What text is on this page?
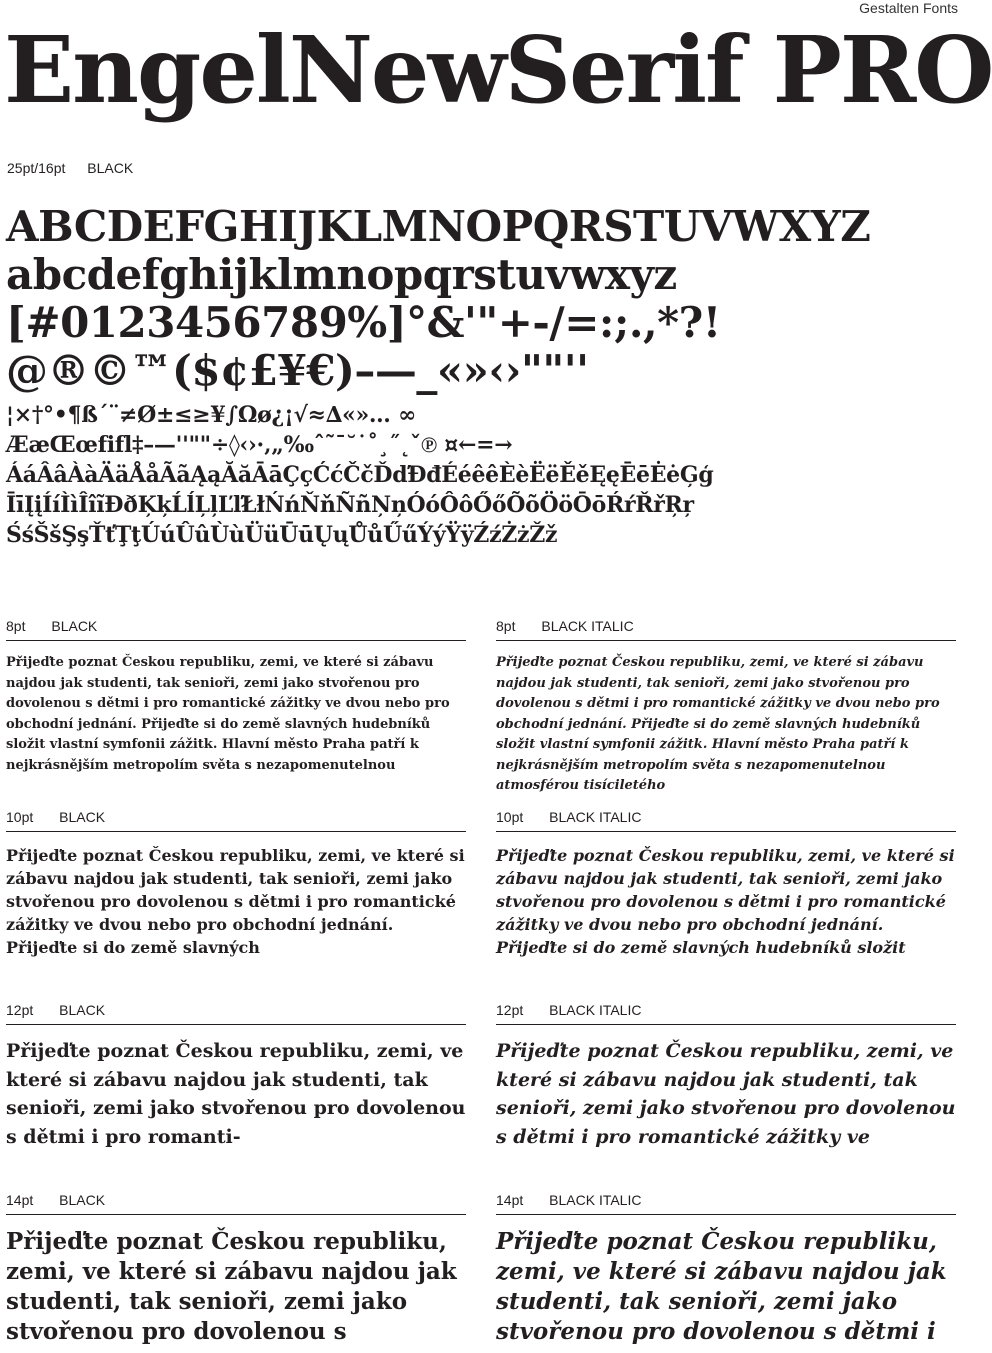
Gestalten Fonts
EngelNewSerif PRO
25pt/16pt BLACK
ABCDEFGHIJKLMNOPQRSTUVWXYZ
abcdefghijklmnopqrstuvwxyz
[#0123456789%]°&'"+-/=:;.,*?!
@®©™($¢£¥€)–—_«»‹›""''
¦×†°•¶ß´¨≠Ø±≤≥¥∫Ωø¿¡√≈∆«»… ∞
ÆæŒœfifl‡–—''""÷◊‹›·‚„‰ˆ˜¯˘˙˚¸˝˛ˇ℗ ¤←=→
ÁáÂâÀàÄäÅåÃãĄąĂăĀāÇçĆćČčĎďĐđÉéêêÈèËëĚěĘęĒēĖėĢģ
ĪīĮįÍíÌìÎîĩĐðĶķĹĺĻļĽľŁłŃńŇňÑñŅņÓóÔôŐőÕõÖöŌōŔŕŘřŖŗ
ŚśŠšŞşŤťŢţÚúÛûÙùÜüŪūŲųŮůŰűÝýŸÿŹźŻżŽž
8pt BLACK
Přijeďte poznat Českou republiku, zemi, ve které si zábavu najdou jak studenti, tak senioři, zemi jako stvořenou pro dovolenou s dětmi i pro romantické zážitky ve dvou nebo pro obchodní jednání. Přijeďte si do země slavných hudebníků složit vlastní symfonii zážitk. Hlavní město Praha patří k nejkrásnějším metropolím světa s nezapomenutelnou
8pt BLACK ITALIC
Přijeďte poznat Českou republiku, zemi, ve které si zábavu najdou jak studenti, tak senioři, zemi jako stvořenou pro dovolenou s dětmi i pro romantické zážitky ve dvou nebo pro obchodní jednání. Přijeďte si do země slavných hudebníků složit vlastní symfonii zážitk. Hlavní město Praha patří k nejkrásnějším metropolím světa s nezapomenutelnou atmosférou tisíciletého
10pt BLACK
Přijeďte poznat Českou republiku, zemi, ve které si zábavu najdou jak studenti, tak senioři, zemi jako stvořenou pro dovolenou s dětmi i pro romantické zážitky ve dvou nebo pro obchodní jednání. Přijeďte si do země slavných
10pt BLACK ITALIC
Přijeďte poznat Českou republiku, zemi, ve které si zábavu najdou jak studenti, tak senioři, zemi jako stvořenou pro dovolenou s dětmi i pro romantické zážitky ve dvou nebo pro obchodní jednání. Přijeďte si do země slavných hudebníků složit
12pt BLACK
Přijeďte poznat Českou republiku, zemi, ve které si zábavu najdou jak studenti, tak senioři, zemi jako stvořenou pro dovolenou s dětmi i pro romanti-
12pt BLACK ITALIC
Přijeďte poznat Českou republiku, zemi, ve které si zábavu najdou jak studenti, tak senioři, zemi jako stvořenou pro dovolenou s dětmi i pro romantické zážitky ve
14pt BLACK
Přijeďte poznat Českou republiku, zemi, ve které si zábavu najdou jak studenti, tak senioři, zemi jako stvořenou pro dovolenou s
14pt BLACK ITALIC
Přijeďte poznat Českou republiku, zemi, ve které si zábavu najdou jak studenti, tak senioři, zemi jako stvořenou pro dovolenou s dětmi i
